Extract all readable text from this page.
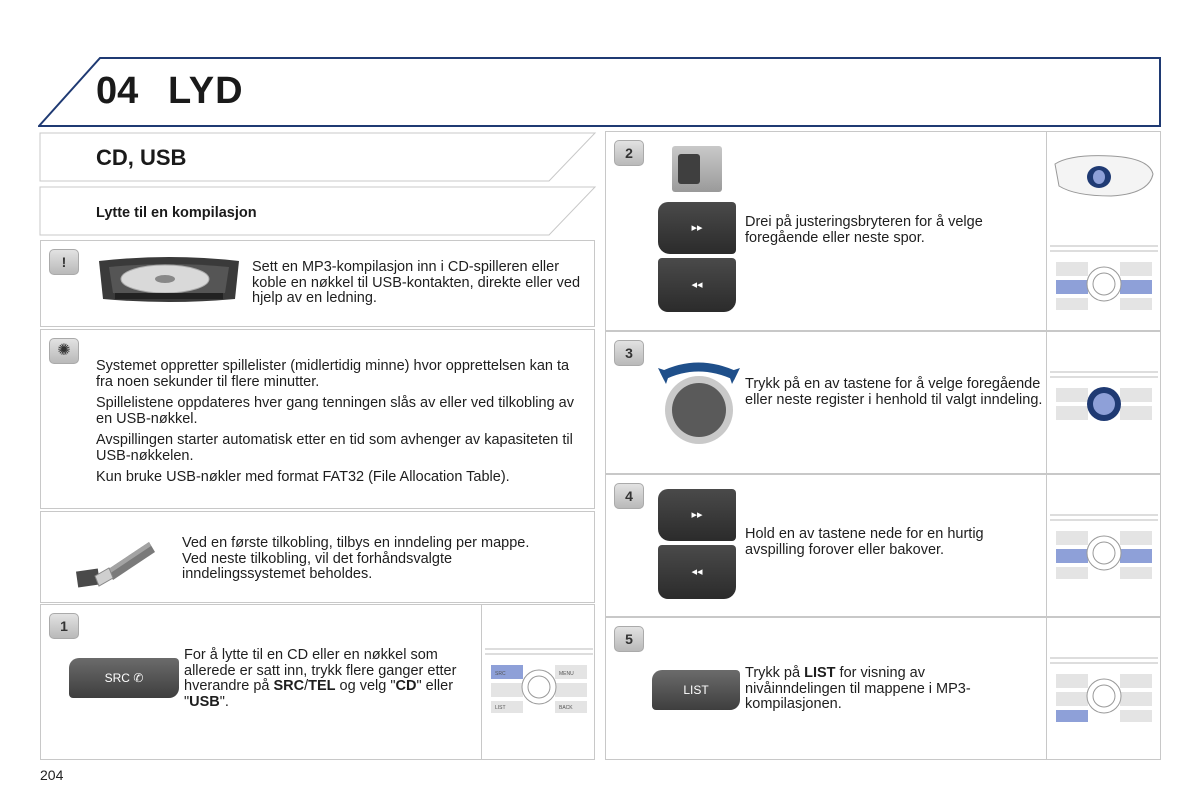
04 LYD
CD, USB
Lytte til en kompilasjon
!	Sett en MP3-kompilasjon inn i CD-spilleren eller koble en nøkkel til USB-kontakten, direkte eller ved hjelp av en ledning.
✺

Systemet oppretter spillelister (midlertidig minne) hvor opprettelsen kan ta fra noen sekunder til flere minutter.

Spillelistene oppdateres hver gang tenningen slås av eller ved tilkobling av en USB-nøkkel.

Avspillingen starter automatisk etter en tid som avhenger av kapasiteten til USB-nøkkelen.

Kun bruke USB-nøkler med format FAT32 (File Allocation Table).

Ved en første tilkobling, tilbys en inndeling per mappe. Ved neste tilkobling, vil det forhåndsvalgte inndelingssystemet beholdes.
1
SRC ✆
For å lytte til en CD eller en nøkkel som allerede er satt inn, trykk flere ganger etter hverandre på SRC/TEL og velg "CD" eller "USB".
SRC	MENU
LIST	BACK
2
▸▸
◂◂
Drei på justeringsbryteren for å velge foregående eller neste spor.
3
Trykk på en av tastene for å velge foregående eller neste register i henhold til valgt inndeling.
4
▸▸
◂◂
Hold en av tastene nede for en hurtig avspilling forover eller bakover.
5
LIST
Trykk på LIST for visning av nivåinndelingen til mappene i MP3-kompilasjonen.
204
